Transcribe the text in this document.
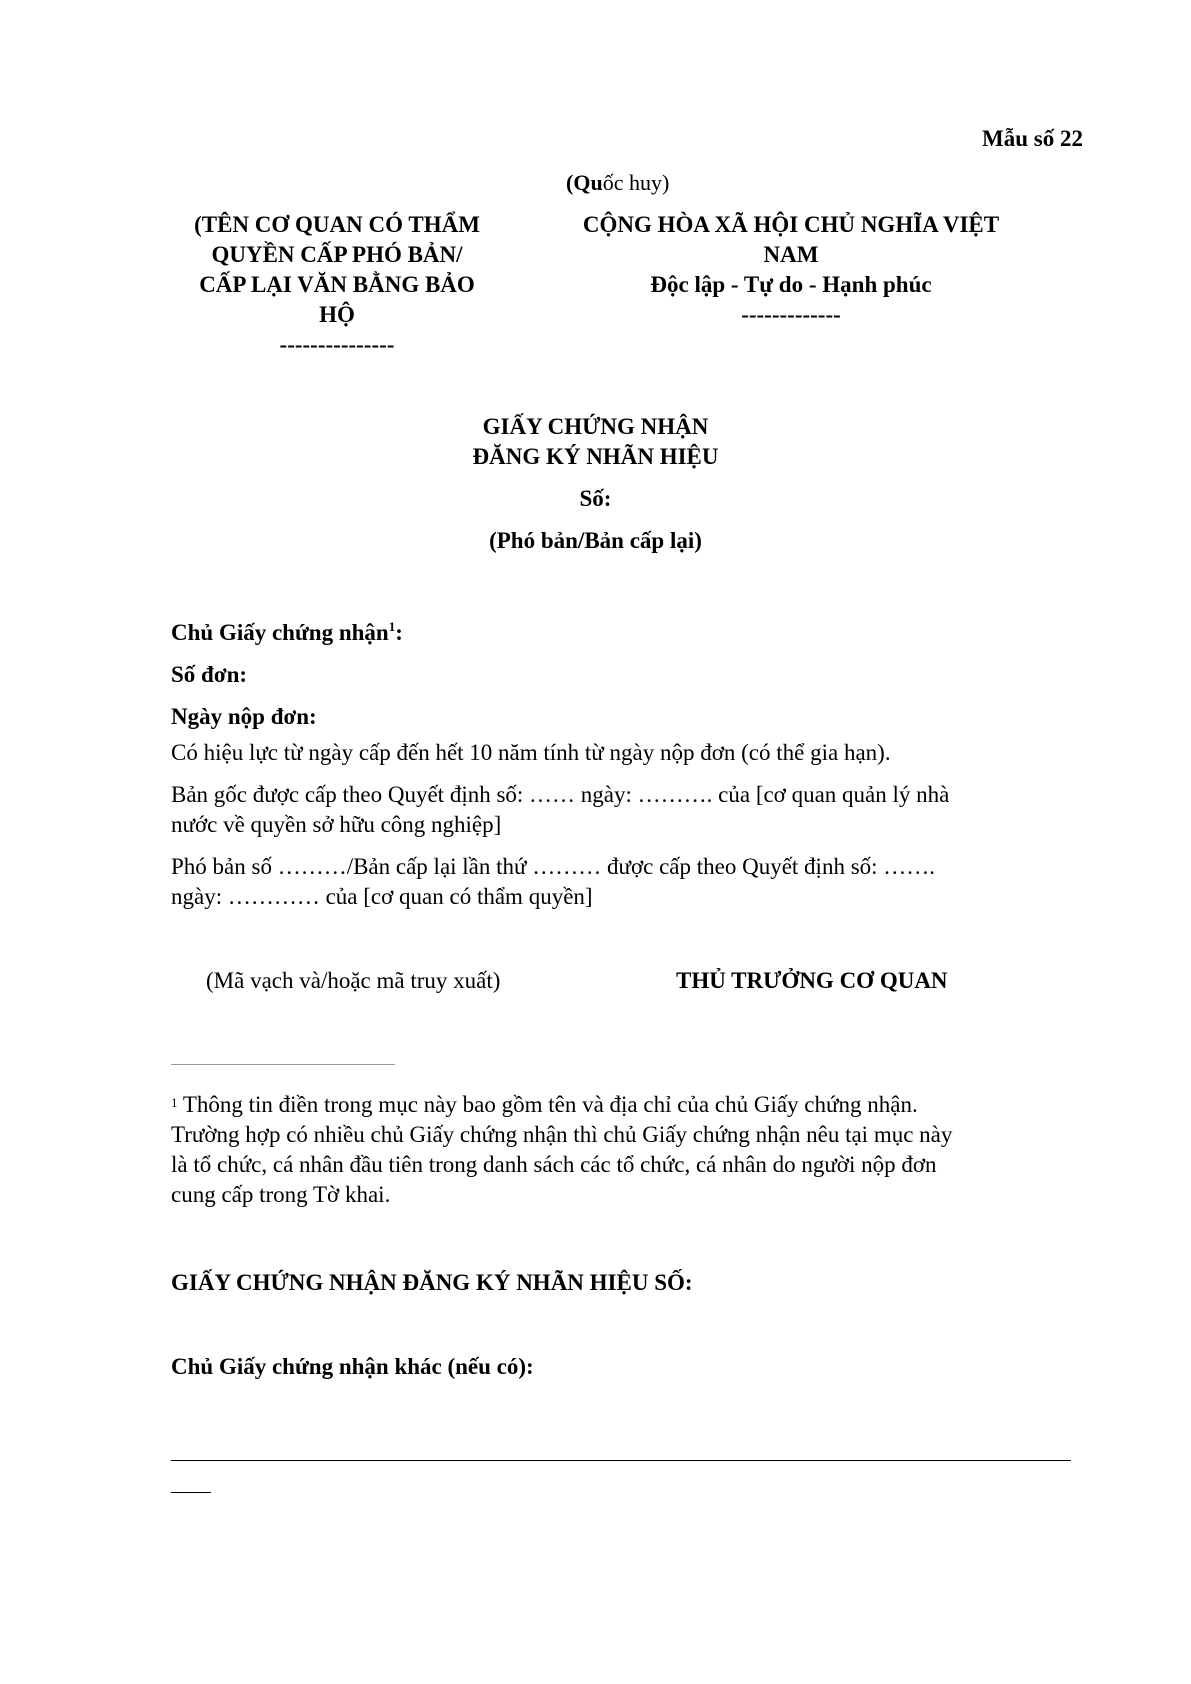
Mẫu số 22
(Quốc huy)
(TÊN CƠ QUAN CÓ THẨM
QUYỀN CẤP PHÓ BẢN/
CẤP LẠI VĂN BẰNG BẢO
HỘ
---------------
CỘNG HÒA XÃ HỘI CHỦ NGHĨA VIỆT
NAM
Độc lập - Tự do - Hạnh phúc
-------------
GIẤY CHỨNG NHẬN
ĐĂNG KÝ NHÃN HIỆU
Số:
(Phó bản/Bản cấp lại)
Chủ Giấy chứng nhận$^1$:
Số đơn:
Ngày nộp đơn:
Có hiệu lực từ ngày cấp đến hết 10 năm tính từ ngày nộp đơn (có thể gia hạn).
Bản gốc được cấp theo Quyết định số: …… ngày: ………. của [cơ quan quản lý nhà
nước về quyền sở hữu công nghiệp]
Phó bản số ………/Bản cấp lại lần thứ ……… được cấp theo Quyết định số: …….
ngày: ………… của [cơ quan có thẩm quyền]
(Mã vạch và/hoặc mã truy xuất)	THỦ TRƯỞNG CƠ QUAN
$^1$ Thông tin điền trong mục này bao gồm tên và địa chỉ của chủ Giấy chứng nhận.
Trường hợp có nhiều chủ Giấy chứng nhận thì chủ Giấy chứng nhận nêu tại mục này
là tổ chức, cá nhân đầu tiên trong danh sách các tổ chức, cá nhân do người nộp đơn
cung cấp trong Tờ khai.
GIẤY CHỨNG NHẬN ĐĂNG KÝ NHÃN HIỆU SỐ:
Chủ Giấy chứng nhận khác (nếu có):
